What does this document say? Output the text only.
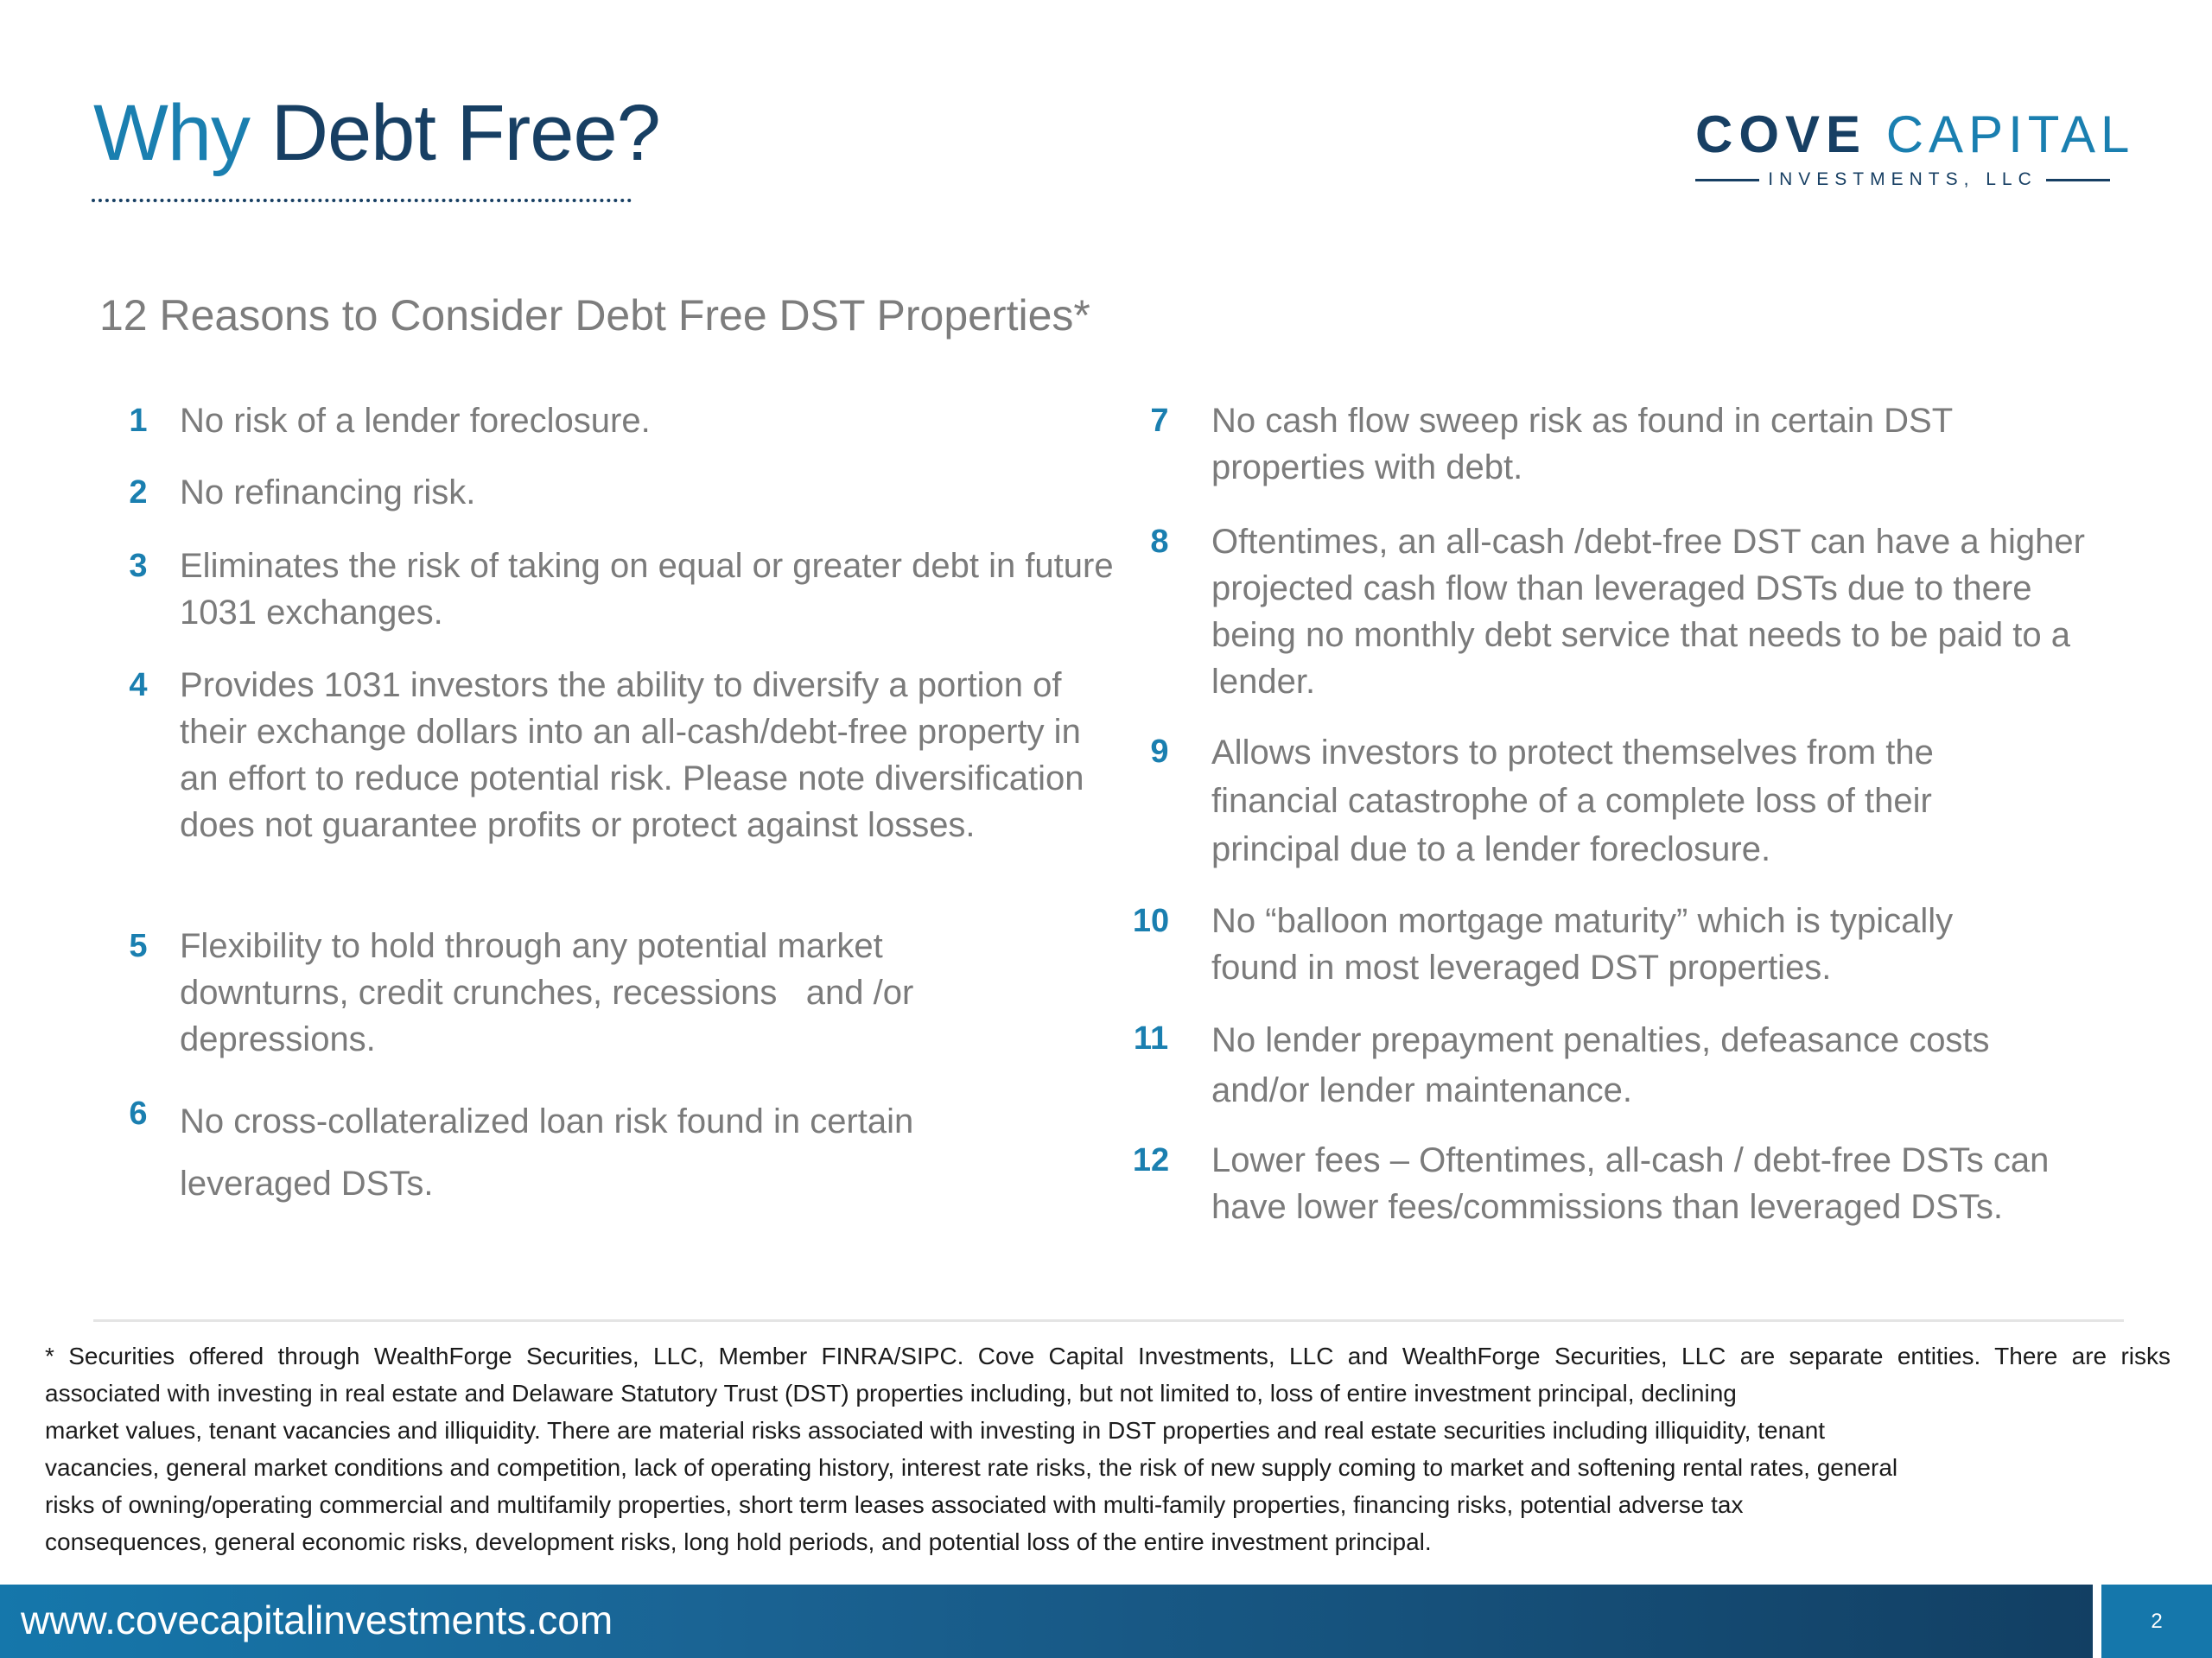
Why Debt Free?	COVE CAPITAL
INVESTMENTS, LLC
12 Reasons to Consider Debt Free DST Properties*
1 No risk of a lender foreclosure.
2 No refinancing risk.
3 Eliminates the risk of taking on equal or greater debt in future 1031 exchanges.
4 Provides 1031 investors the ability to diversify a portion of their exchange dollars into an all-cash/debt-free property in an effort to reduce potential risk. Please note diversification does not guarantee profits or protect against losses.
5 Flexibility to hold through any potential market downturns, credit crunches, recessions   and /or depressions.
6 No cross-collateralized loan risk found in certain leveraged DSTs.
7	No cash flow sweep risk as found in certain DST properties with debt.
8	Oftentimes, an all-cash /debt-free DST can have a higher projected cash flow than leveraged DSTs due to there being no monthly debt service that needs to be paid to a lender.
9	Allows investors to protect themselves from the financial catastrophe of a complete loss of their principal due to a lender foreclosure.
10 No “balloon mortgage maturity” which is typically found in most leveraged DST properties.
11 No lender prepayment penalties, defeasance costs and/or lender maintenance.
12 Lower fees – Oftentimes, all-cash / debt-free DSTs can have lower fees/commissions than leveraged DSTs.
* Securities offered through WealthForge Securities, LLC, Member FINRA/SIPC. Cove Capital Investments, LLC and WealthForge Securities, LLC are separate entities. There are risks
associated with investing in real estate and Delaware Statutory Trust (DST) properties including, but not limited to, loss of entire investment principal, declining
market values, tenant vacancies and illiquidity. There are material risks associated with investing in DST properties and real estate securities including illiquidity, tenant
vacancies, general market conditions and competition, lack of operating history, interest rate risks, the risk of new supply coming to market and softening rental rates, general
risks of owning/operating commercial and multifamily properties, short term leases associated with multi-family properties, financing risks, potential adverse tax
consequences, general economic risks, development risks, long hold periods, and potential loss of the entire investment principal.
www.covecapitalinvestments.com	2
